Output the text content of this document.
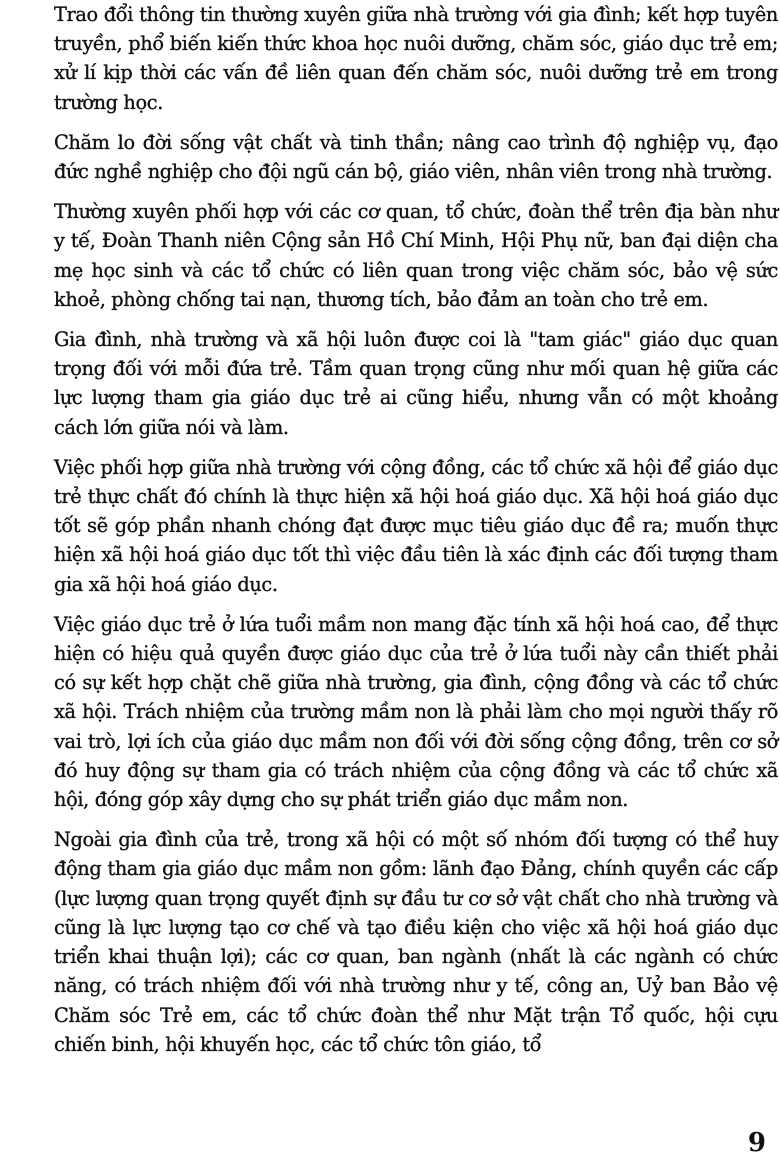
Trao đổi thông tin thường xuyên giữa nhà trường với gia đình; kết hợp tuyên truyền, phổ biến kiến thức khoa học nuôi dưỡng, chăm sóc, giáo dục trẻ em; xử lí kịp thời các vấn đề liên quan đến chăm sóc, nuôi dưỡng trẻ em trong trường học.

Chăm lo đời sống vật chất và tinh thần; nâng cao trình độ nghiệp vụ, đạo đức nghề nghiệp cho đội ngũ cán bộ, giáo viên, nhân viên trong nhà trường.

Thường xuyên phối hợp với các cơ quan, tổ chức, đoàn thể trên địa bàn như y tế, Đoàn Thanh niên Cộng sản Hồ Chí Minh, Hội Phụ nữ, ban đại diện cha mẹ học sinh và các tổ chức có liên quan trong việc chăm sóc, bảo vệ sức khoẻ, phòng chống tai nạn, thương tích, bảo đảm an toàn cho trẻ em.

Gia đình, nhà trường và xã hội luôn được coi là "tam giác" giáo dục quan trọng đối với mỗi đứa trẻ. Tầm quan trọng cũng như mối quan hệ giữa các lực lượng tham gia giáo dục trẻ ai cũng hiểu, nhưng vẫn có một khoảng cách lớn giữa nói và làm.

Việc phối hợp giữa nhà trường với cộng đồng, các tổ chức xã hội để giáo dục trẻ thực chất đó chính là thực hiện xã hội hoá giáo dục. Xã hội hoá giáo dục tốt sẽ góp phần nhanh chóng đạt được mục tiêu giáo dục đề ra; muốn thực hiện xã hội hoá giáo dục tốt thì việc đầu tiên là xác định các đối tượng tham gia xã hội hoá giáo dục.

Việc giáo dục trẻ ở lứa tuổi mầm non mang đặc tính xã hội hoá cao, để thực hiện có hiệu quả quyền được giáo dục của trẻ ở lứa tuổi này cần thiết phải có sự kết hợp chặt chẽ giữa nhà trường, gia đình, cộng đồng và các tổ chức xã hội. Trách nhiệm của trường mầm non là phải làm cho mọi người thấy rõ vai trò, lợi ích của giáo dục mầm non đối với đời sống cộng đồng, trên cơ sở đó huy động sự tham gia có trách nhiệm của cộng đồng và các tổ chức xã hội, đóng góp xây dựng cho sự phát triển giáo dục mầm non.

Ngoài gia đình của trẻ, trong xã hội có một số nhóm đối tượng có thể huy động tham gia giáo dục mầm non gồm: lãnh đạo Đảng, chính quyền các cấp (lực lượng quan trọng quyết định sự đầu tư cơ sở vật chất cho nhà trường và cũng là lực lượng tạo cơ chế và tạo điều kiện cho việc xã hội hoá giáo dục triển khai thuận lợi); các cơ quan, ban ngành (nhất là các ngành có chức năng, có trách nhiệm đối với nhà trường như y tế, công an, Uỷ ban Bảo vệ Chăm sóc Trẻ em, các tổ chức đoàn thể như Mặt trận Tổ quốc, hội cựu chiến binh, hội khuyến học, các tổ chức tôn giáo, tổ

9
